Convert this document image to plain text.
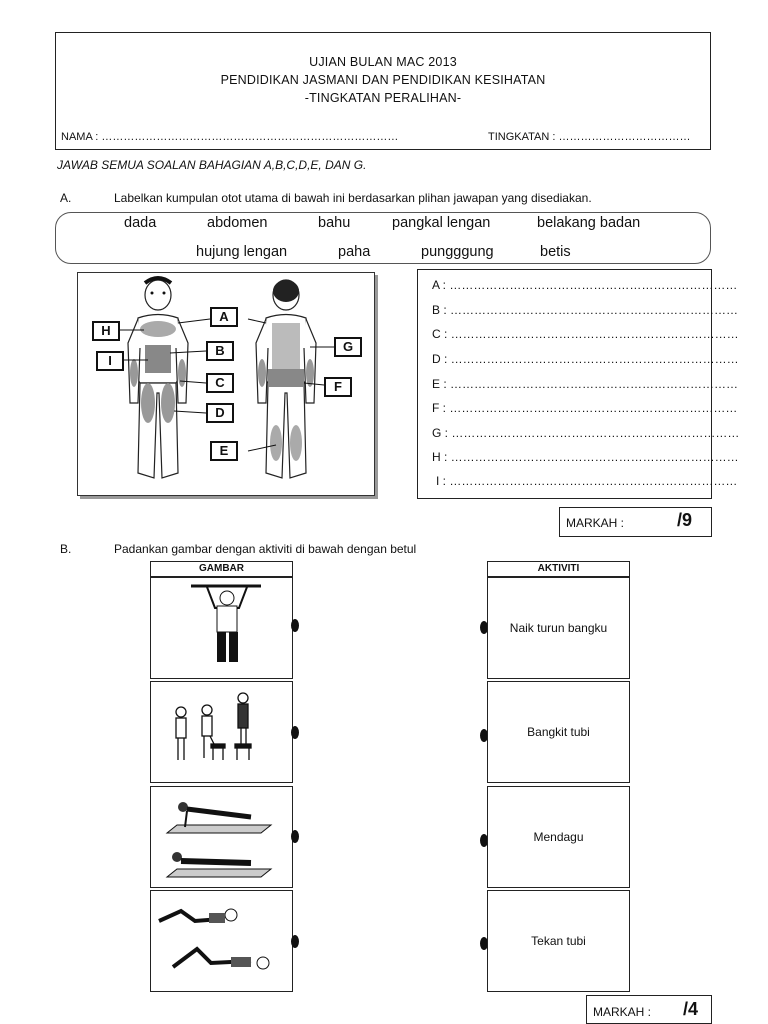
UJIAN BULAN MAC 2013
PENDIDIKAN JASMANI DAN PENDIDIKAN KESIHATAN
-TINGKATAN PERALIHAN-
NAMA : ………………………………………………………………………	TINGKATAN : ………………………………
JAWAB SEMUA SOALAN BAHAGIAN A,B,C,D,E, DAN G.
A.	Labelkan kumpulan otot utama di bawah ini berdasarkan plihan jawapan yang disediakan.
dada	abdomen	bahu	pangkal lengan	belakang badan
hujung lengan	paha	pungggung	betis
A
B
C
D
E
F
G
H
I
A : ………………………………………………………………
B : ………………………………………………………………
C : ………………………………………………………………
D : ………………………………………………………………
E : ………………………………………………………………
F : ………………………………………………………………
G : ………………………………………………………………
H : ………………………………………………………………
I : ………………………………………………………………
MARKAH :	/9
B.	Padankan gambar dengan aktiviti di bawah dengan betul
GAMBAR	AKTIVITI
Naik turun bangku
Bangkit tubi
Mendagu
Tekan tubi
MARKAH : /4
